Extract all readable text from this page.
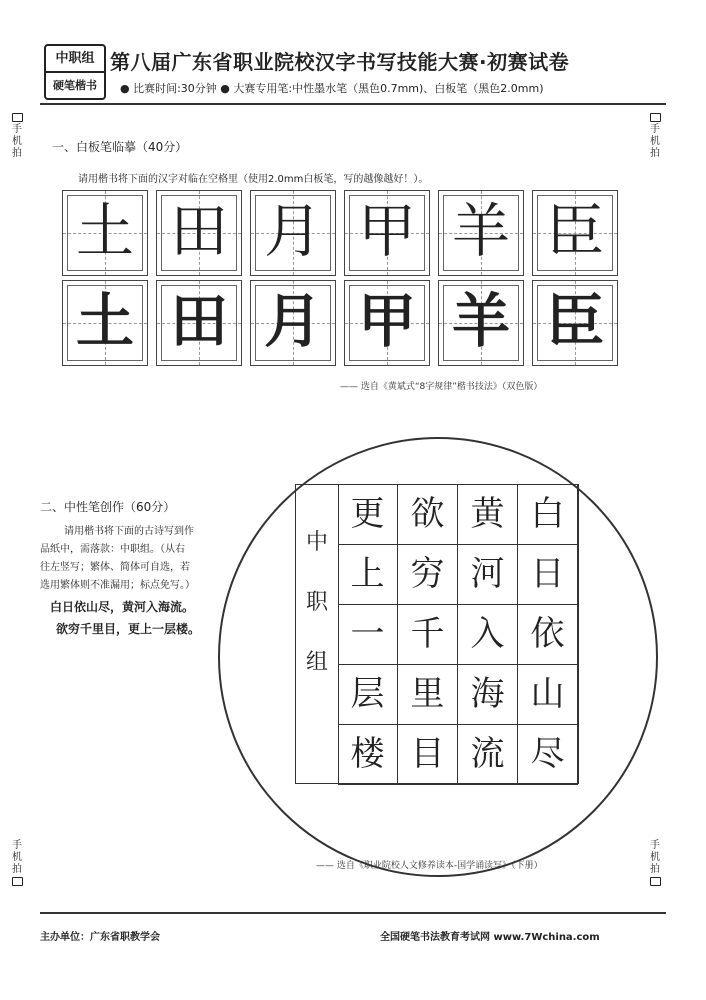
中职组
硬笔楷书
第八届广东省职业院校汉字书写技能大赛·初赛试卷
● 比赛时间:30分钟 ● 大赛专用笔:中性墨水笔（黑色0.7mm)、白板笔（黑色2.0mm)

手机拍

手机拍
手机拍

手机拍

一、白板笔临摹（40分）
请用楷书将下面的汉字对临在空格里（使用2.0mm白板笔，写的越像越好！）。
土 田 月 甲 羊 臣
土 田 月 甲 羊 臣
—— 选自《黄斌式“8字规律”楷书技法》（双色版）
二、中性笔创作（60分）
请用楷书将下面的古诗写到作
品纸中，需落款：中职组。（从右
往左竖写；繁体、简体可自选，若
选用繁体则不准漏用；标点免写。）
白日依山尽，黄河入海流。
欲穷千里目，更上一层楼。
中
职
组
白
日
依
山
尽
黄
河
入
海
流
欲
穷
千
里
目
更
上
一
层
楼
—— 选自《职业院校人文修养读本-国学诵读写》（下册）
主办单位：广东省职教学会	全国硬笔书法教育考试网 www.7Wchina.com
